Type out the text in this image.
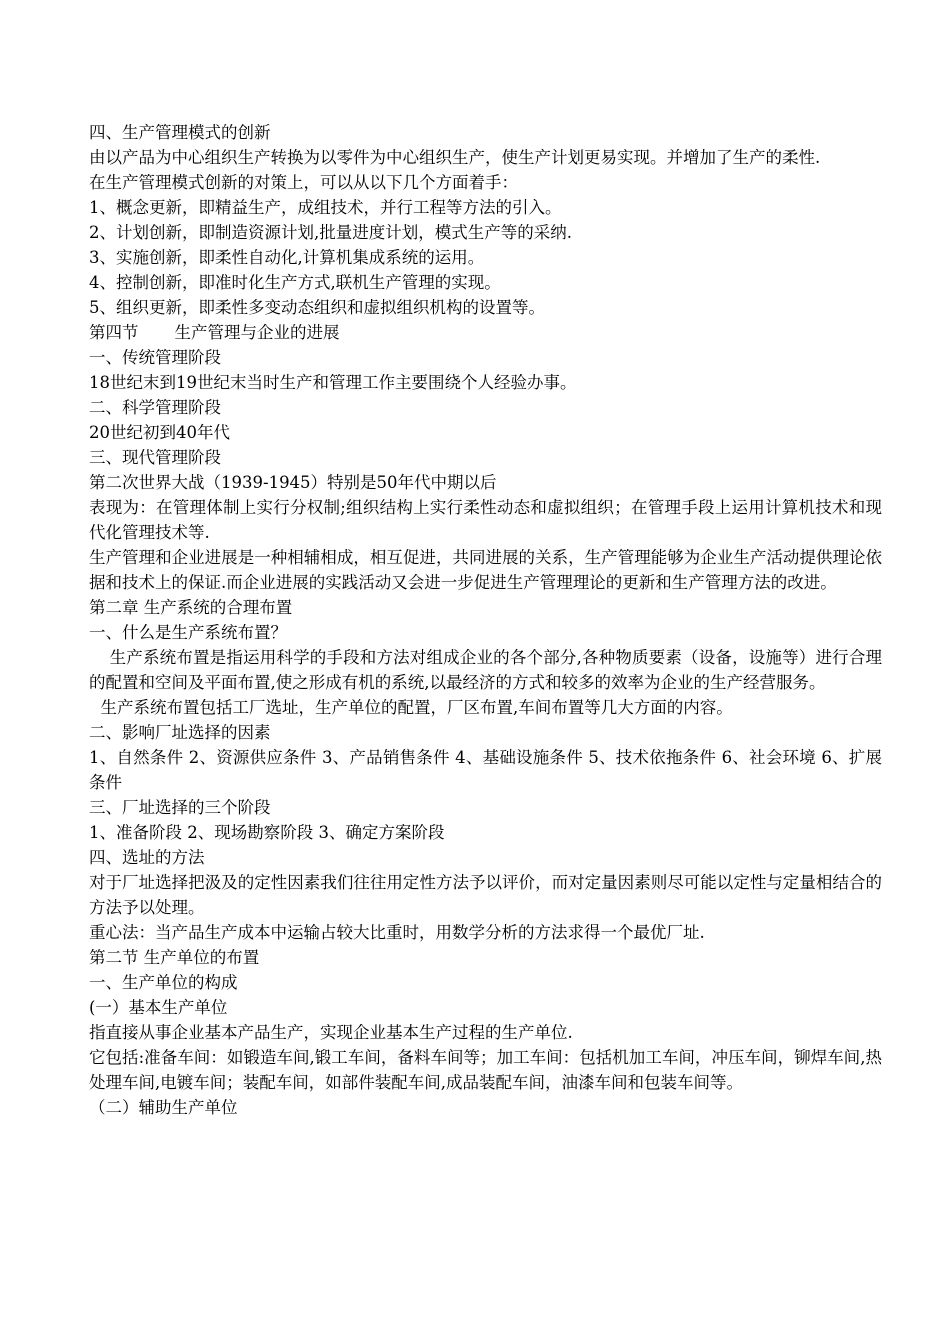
四、生产管理模式的创新

由以产品为中心组织生产转换为以零件为中心组织生产，使生产计划更易实现。并增加了生产的柔性.

在生产管理模式创新的对策上，可以从以下几个方面着手：

1、概念更新，即精益生产，成组技术，并行工程等方法的引入。

2、计划创新，即制造资源计划,批量进度计划，模式生产等的采纳.

3、实施创新，即柔性自动化,计算机集成系统的运用。

4、控制创新，即准时化生产方式,联机生产管理的实现。

5、组织更新，即柔性多变动态组织和虚拟组织机构的设置等。

第四节 生产管理与企业的进展

一、传统管理阶段

18世纪末到19世纪末当时生产和管理工作主要围绕个人经验办事。

二、科学管理阶段

20世纪初到40年代

三、现代管理阶段

第二次世界大战（1939-1945）特别是50年代中期以后

表现为：在管理体制上实行分权制;组织结构上实行柔性动态和虚拟组织；在管理手段上运用计算机技术和现代化管理技术等.

生产管理和企业进展是一种相辅相成，相互促进，共同进展的关系，生产管理能够为企业生产活动提供理论依据和技术上的保证.而企业进展的实践活动又会进一步促进生产管理理论的更新和生产管理方法的改进。

第二章 生产系统的合理布置

一、什么是生产系统布置？

生产系统布置是指运用科学的手段和方法对组成企业的各个部分,各种物质要素（设备，设施等）进行合理的配置和空间及平面布置,使之形成有机的系统,以最经济的方式和较多的效率为企业的生产经营服务。

生产系统布置包括工厂选址，生产单位的配置，厂区布置,车间布置等几大方面的内容。

二、影响厂址选择的因素

1、自然条件 2、资源供应条件 3、产品销售条件 4、基础设施条件 5、技术依拖条件 6、社会环境 6、扩展条件

三、厂址选择的三个阶段

1、准备阶段 2、现场勘察阶段 3、确定方案阶段

四、选址的方法

对于厂址选择把汲及的定性因素我们往往用定性方法予以评价，而对定量因素则尽可能以定性与定量相结合的方法予以处理。

重心法：当产品生产成本中运输占较大比重时，用数学分析的方法求得一个最优厂址.

第二节 生产单位的布置

一、生产单位的构成

(一）基本生产单位

指直接从事企业基本产品生产，实现企业基本生产过程的生产单位.

它包括:准备车间：如锻造车间,锻工车间，备料车间等；加工车间：包括机加工车间，冲压车间，铆焊车间,热处理车间,电镀车间；装配车间，如部件装配车间,成品装配车间，油漆车间和包装车间等。

（二）辅助生产单位
